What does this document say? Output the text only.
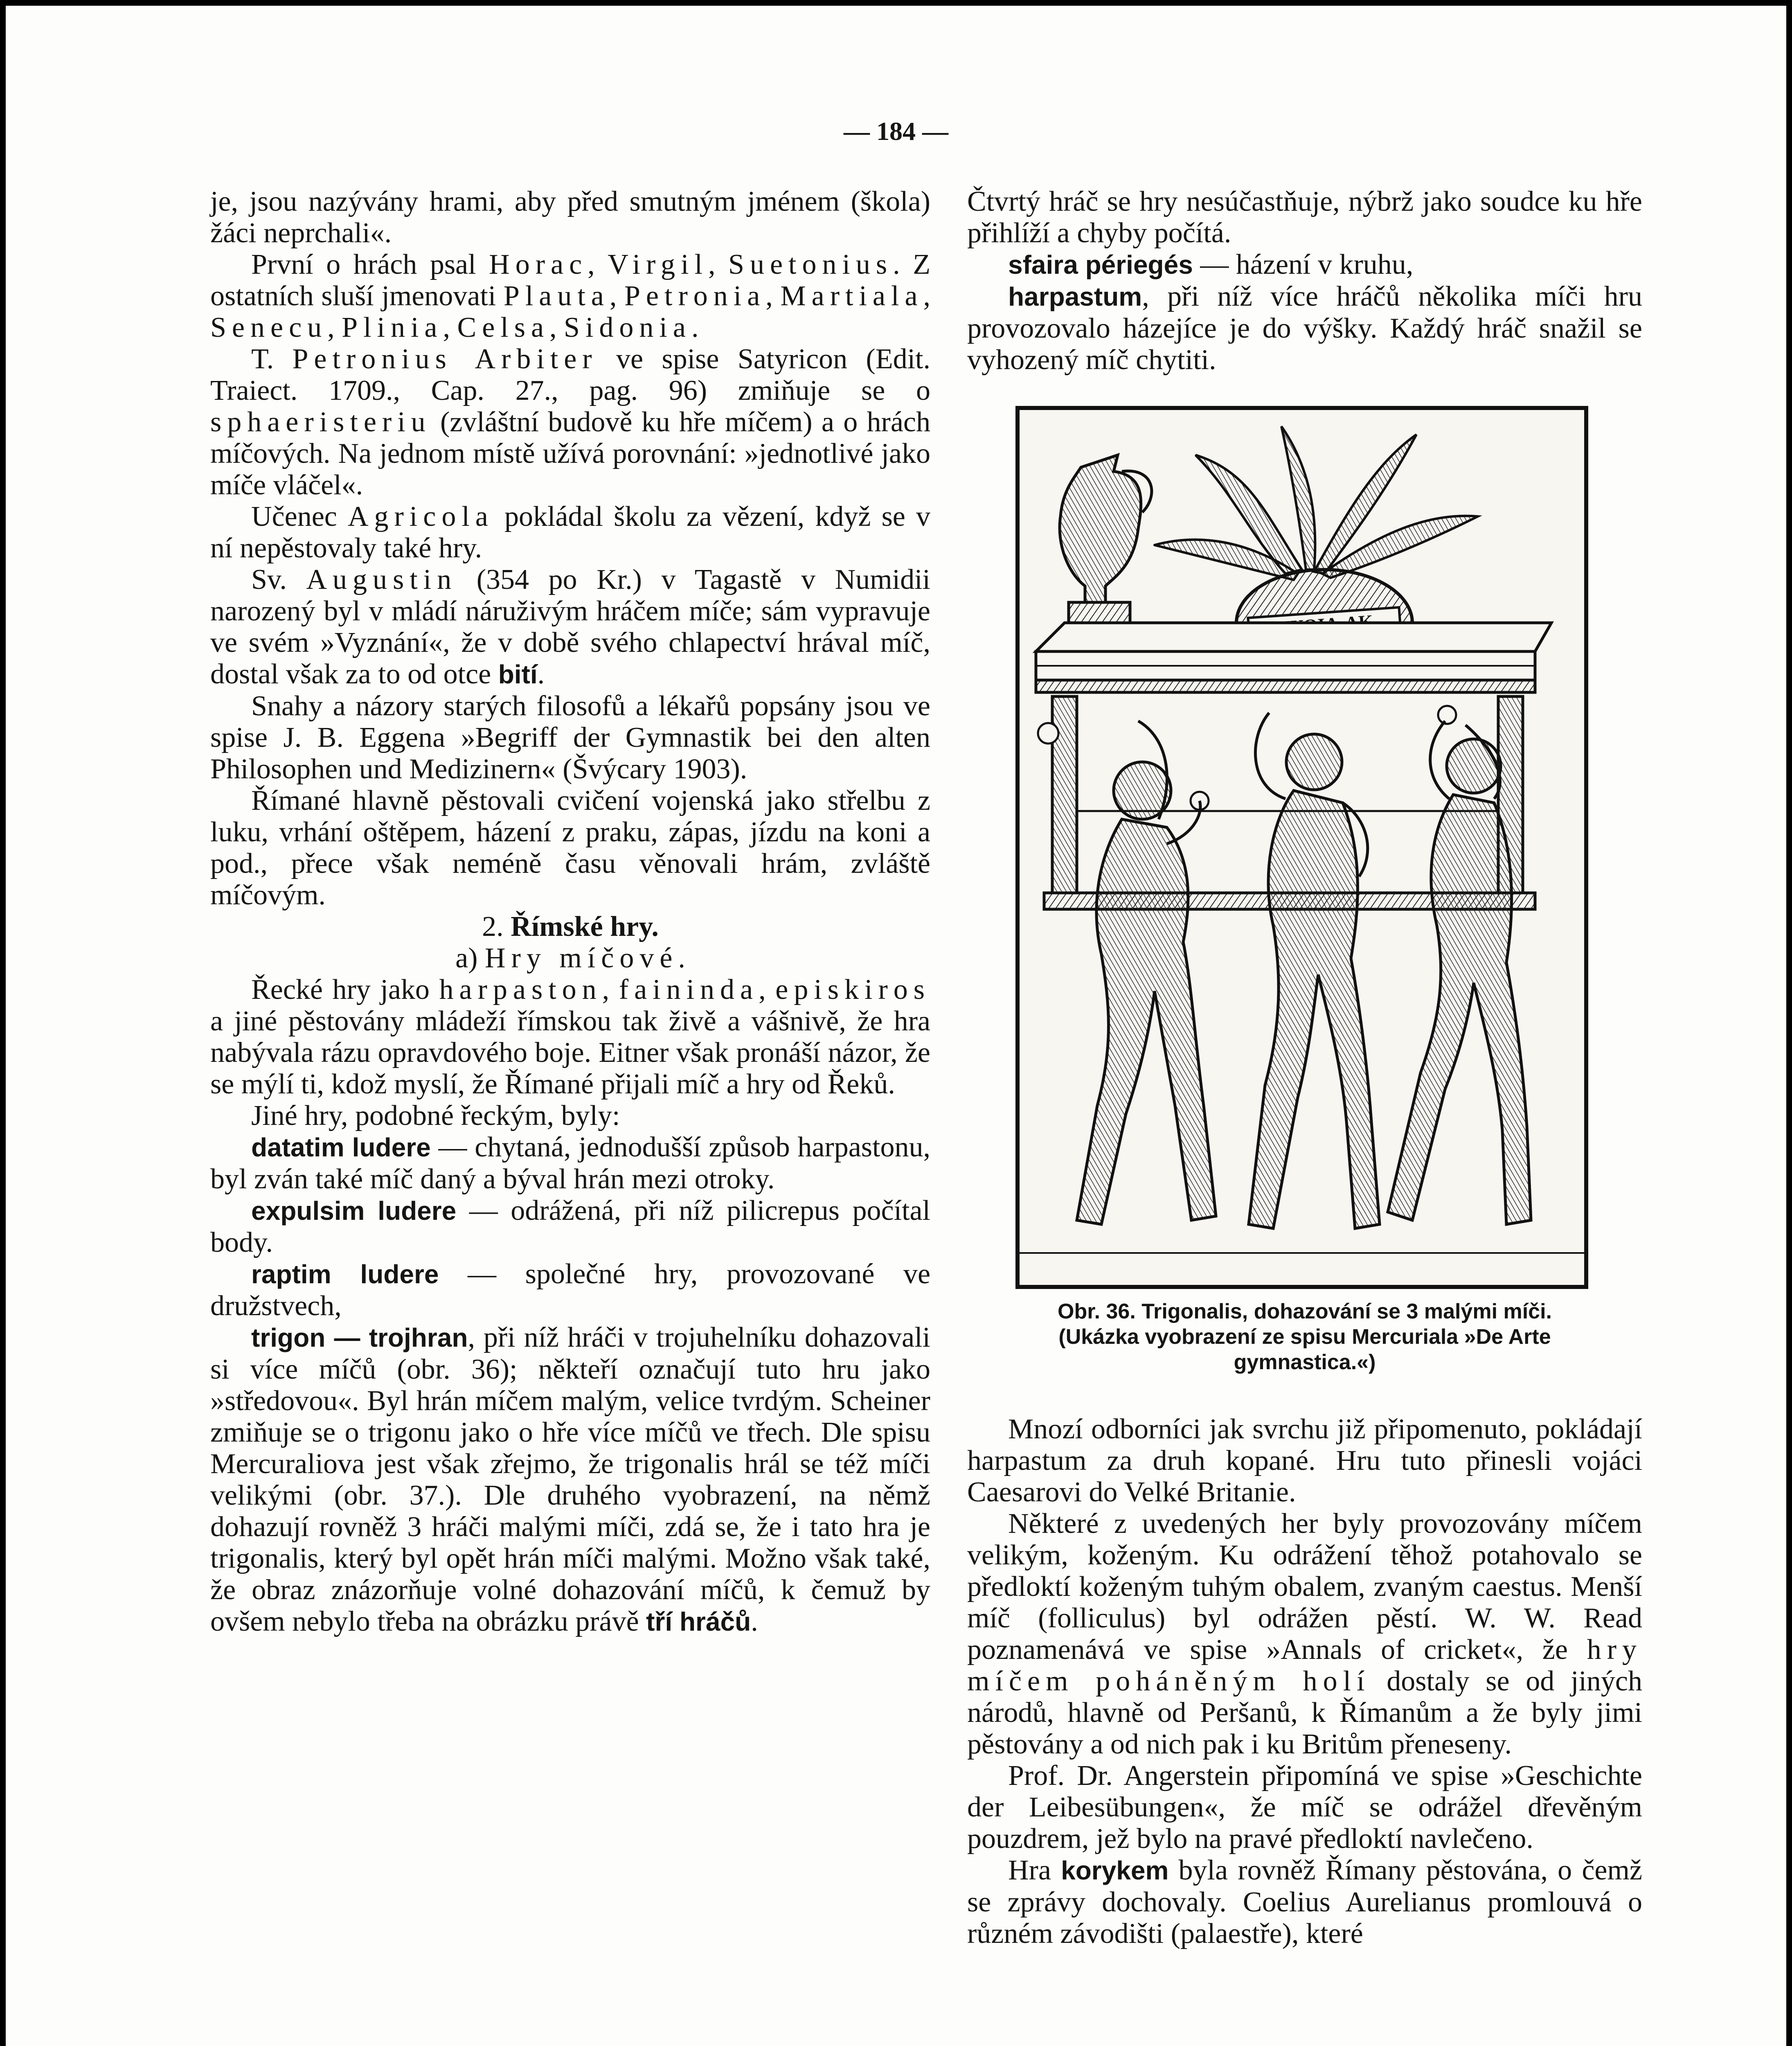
— 184 —

je, jsou nazývány hrami, aby před smutným jménem (škola) žáci neprchali«.

První o hrách psal Horac, Virgil, Suetonius. Z ostatních sluší jmenovati Plauta, Petronia, Martiala, Senecu, Plinia, Celsa, Sidonia.

T. Petronius Arbiter ve spise Satyricon (Edit. Traiect. 1709., Cap. 27., pag. 96) zmiňuje se o sphaeristeriu (zvláštní budově ku hře míčem) a o hrách míčových. Na jednom místě užívá porovnání: »jednotlivé jako míče vláčel«.

Učenec Agricola pokládal školu za vězení, když se v ní nepěstovaly také hry.

Sv. Augustin (354 po Kr.) v Tagastě v Numidii narozený byl v mládí náruživým hráčem míče; sám vypravuje ve svém »Vyznání«, že v době svého chlapectví hrával míč, dostal však za to od otce bití.

Snahy a názory starých filosofů a lékařů popsány jsou ve spise J. B. Eggena »Begriff der Gymnastik bei den alten Philosophen und Medizinern« (Švýcary 1903).

Římané hlavně pěstovali cvičení vojenská jako střelbu z luku, vrhání oštěpem, házení z praku, zápas, jízdu na koni a pod., přece však neméně času věnovali hrám, zvláště míčovým.

2. Římské hry.

a) Hry míčové.

Řecké hry jako harpaston, faininda, episkiros a jiné pěstovány mládeží římskou tak živě a vášnivě, že hra nabývala rázu opravdového boje. Eitner však pronáší názor, že se mýlí ti, kdož myslí, že Římané přijali míč a hry od Řeků.

Jiné hry, podobné řeckým, byly:

datatim ludere — chytaná, jednodušší způsob harpastonu, byl zván také míč daný a býval hrán mezi otroky.

expulsim ludere — odrážená, při níž pilicrepus počítal body.

raptim ludere — společné hry, provozované ve družstvech,

trigon — trojhran, při níž hráči v trojuhelníku dohazovali si více míčů (obr. 36); někteří označují tuto hru jako »středovou«. Byl hrán míčem malým, velice tvrdým. Scheiner zmiňuje se o trigonu jako o hře více míčů ve třech. Dle spisu Mercuraliova jest však zřejmo, že trigonalis hrál se též míči velikými (obr. 37.). Dle druhého vyobrazení, na němž dohazují rovněž 3 hráči malými míči, zdá se, že i tato hra je trigonalis, který byl opět hrán míči malými. Možno však také, že obraz znázorňuje volné dohazování míčů, k čemuž by ovšem nebylo třeba na obrázku právě tří hráčů.

Čtvrtý hráč se hry nesúčastňuje, nýbrž jako soudce ku hře přihlíží a chyby počítá.

sfaira périegés — házení v kruhu,

harpastum, při níž více hráčů několika míči hru provozovalo házejíce je do výšky. Každý hráč snažil se vyhozený míč chytiti.

Obr. 36. Trigonalis, dohazování se 3 malými míči.

(Ukázka vyobrazení ze spisu Mercuriala »De Arte gymnastica.«)

Mnozí odborníci jak svrchu již připomenuto, pokládají harpastum za druh kopané. Hru tuto přinesli vojáci Caesarovi do Velké Britanie.

Některé z uvedených her byly provozovány míčem velikým, koženým. Ku odrážení těhož potahovalo se předloktí koženým tuhým obalem, zvaným caestus. Menší míč (folliculus) byl odrážen pěstí. W. W. Read poznamenává ve spise »Annals of cricket«, že hry míčem poháněným holí dostaly se od jiných národů, hlavně od Peršanů, k Římanům a že byly jimi pěstovány a od nich pak i ku Britům přeneseny.

Prof. Dr. Angerstein připomíná ve spise »Geschichte der Leibesübungen«, že míč se odrážel dřevěným pouzdrem, jež bylo na pravé předloktí navlečeno.

Hra korykem byla rovněž Římany pěstována, o čemž se zprávy dochovaly. Coelius Aurelianus promlouvá o různém závodišti (palaestře), které
